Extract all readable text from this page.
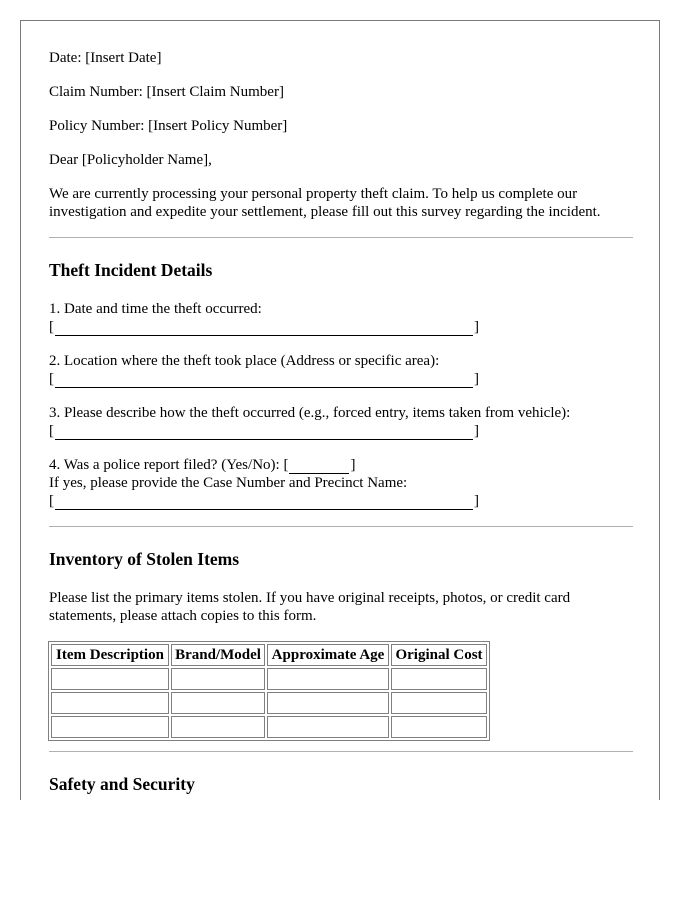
Date: [Insert Date]

Claim Number: [Insert Claim Number]

Policy Number: [Insert Policy Number]

Dear [Policyholder Name],

We are currently processing your personal property theft claim. To help us complete our investigation and expedite your settlement, please fill out this survey regarding the incident.

Theft Incident Details
1. Date and time the theft occurred:
[	]
2. Location where the theft took place (Address or specific area):
[	]
3. Please describe how the theft occurred (e.g., forced entry, items taken from vehicle):
[	]
4. Was a police report filed? (Yes/No): [	]
If yes, please provide the Case Number and Precinct Name:
[	]
Inventory of Stolen Items

Please list the primary items stolen. If you have original receipts, photos, or credit card statements, please attach copies to this form.

Item Description	Brand/Model	Approximate Age	Original Cost

Safety and Security
